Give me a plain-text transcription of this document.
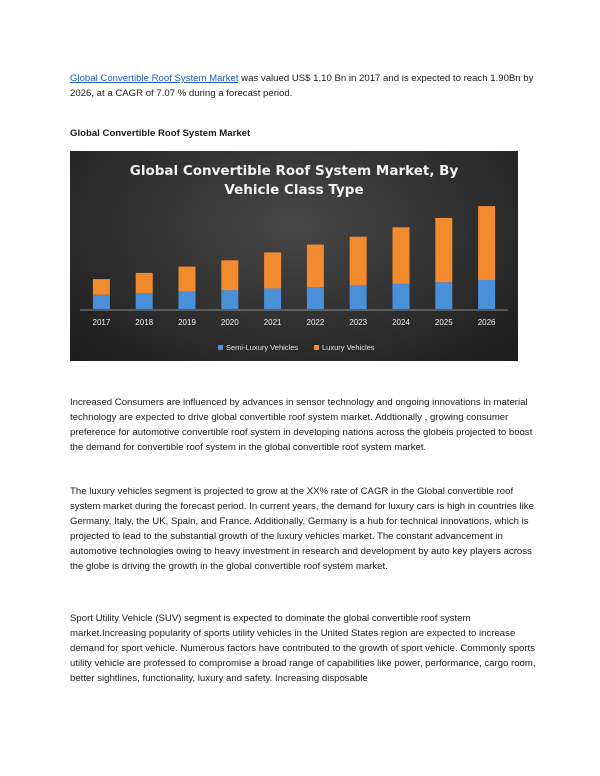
Global Convertible Roof System Market was valued US$ 1.10 Bn in 2017 and is expected to reach 1.90Bn by 2026, at a CAGR of 7.07 % during a forecast period.

Global Convertible Roof System Market
Global Convertible Roof System Market, By
Vehicle Class Type
2017	2018	2019	2020	2021	2022	2023	2024	2025	2026
Semi-Luxury Vehicles	Luxury Vehicles

Increased Consumers are influenced by advances in sensor technology and ongoing innovations in material technology are expected to drive global convertible roof system market. Addtionally , growing consumer preference for automotive convertible roof system in developing nations across the globeis projected to boost the demand for convertible roof system in the global convertible roof system market.

The luxury vehicles segment is projected to grow at the XX% rate of CAGR in the Global convertible roof system market during the forecast period. In current years, the demand for luxury cars is high in countries like Germany, Italy, the UK, Spain, and France. Additionally, Germany is a hub for technical innovations, which is projected to lead to the substantial growth of the luxury vehicles market. The constant advancement in automotive technologies owing to heavy investment in research and development by auto key players across the globe is driving the growth in the global convertible roof system market.

Sport Utility Vehicle (SUV) segment is expected to dominate the global convertible roof system market.Increasing popularity of sports utility vehicles in the United States region are expected to increase demand for sport vehicle. Numerous factors have contributed to the growth of sport vehicle. Commonly sports utility vehicle are professed to compromise a broad range of capabilities like power, performance, cargo room, better sightlines, functionality, luxury and safety. Increasing disposable
